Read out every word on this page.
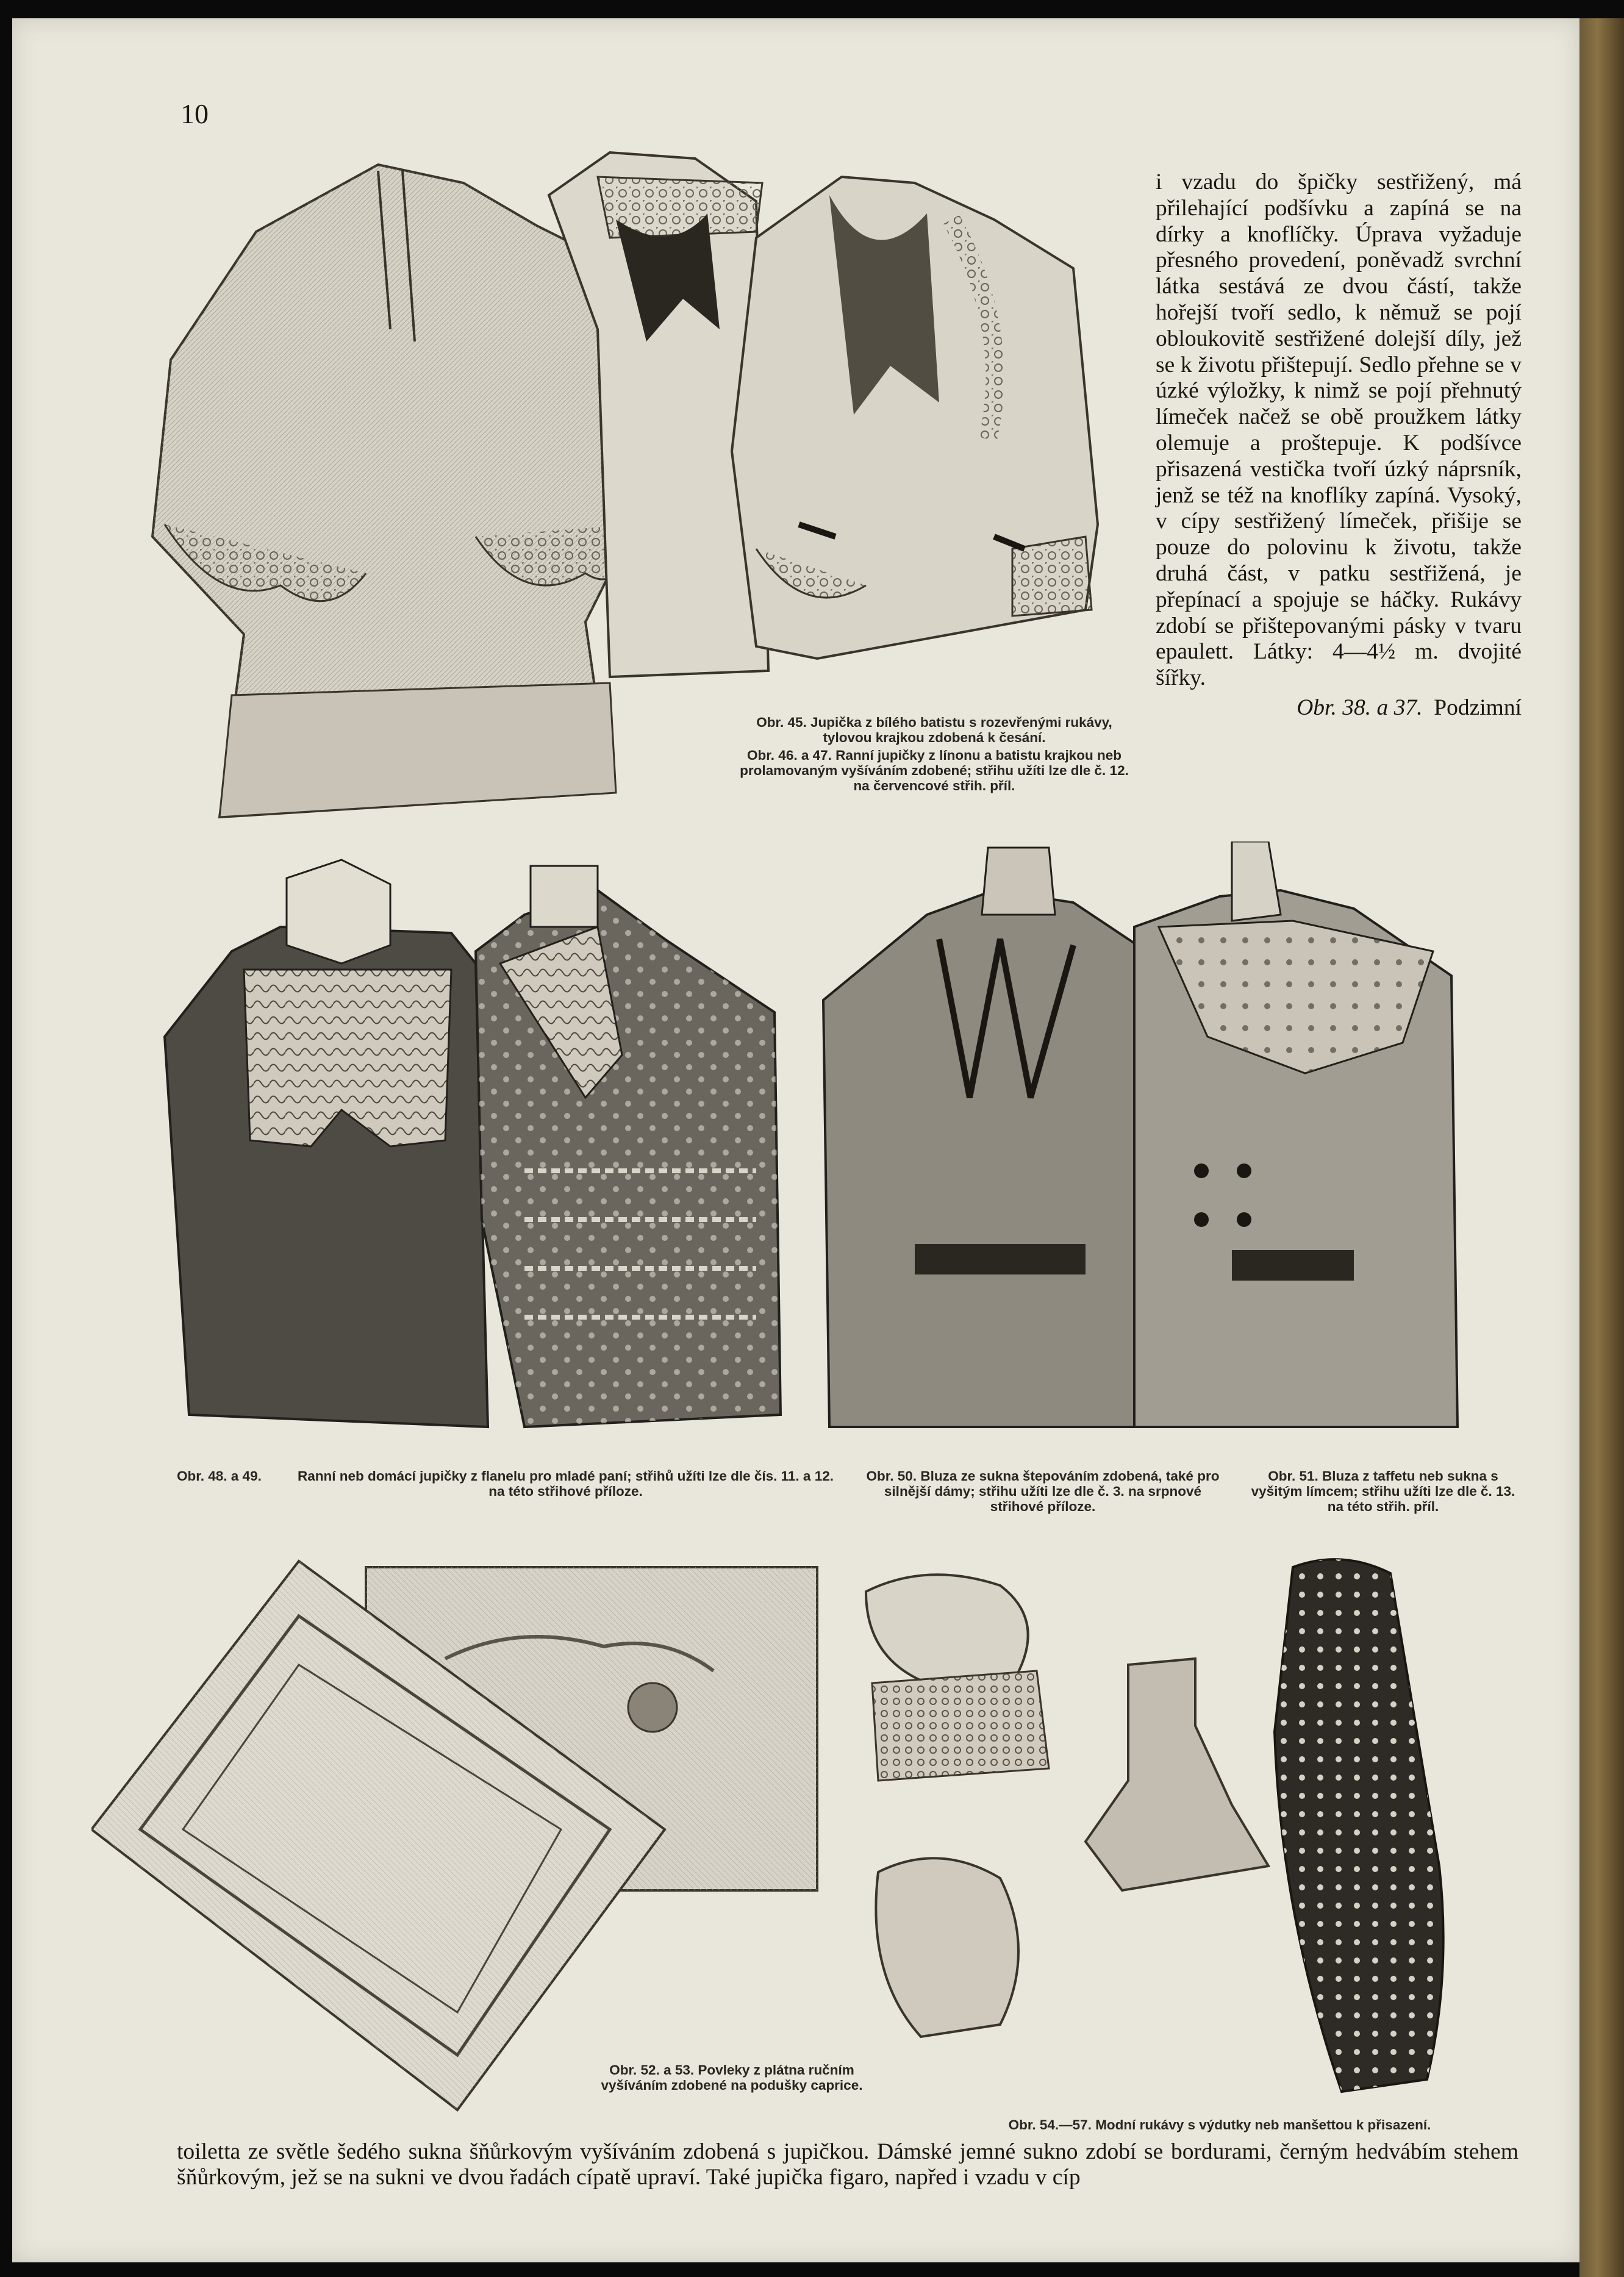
10

Obr. 45. Jupička z bílého batistu s rozevřenými rukávy, tylovou krajkou zdobená k česání.

Obr. 46. a 47. Ranní jupičky z línonu a batistu krajkou neb prolamovaným vyšíváním zdobené; střihu užíti lze dle č. 12. na červencové střih. příl.

i vzadu do špičky sestřižený, má přilehající podšívku a zapíná se na dírky a knoflíčky. Úprava vyžaduje přesného provedení, poněvadž svrchní látka sestává ze dvou částí, takže hořejší tvoří sedlo, k němuž se pojí obloukovitě sestřižené dolejší díly, jež se k životu přištepují. Sedlo přehne se v úzké výložky, k nimž se pojí přehnutý límeček načež se obě proužkem látky olemuje a proštepuje. K podšívce přisazená vestička tvoří úzký náprsník, jenž se též na knoflíky zapíná. Vysoký, v cípy sestřižený límeček, přišije se pouze do polovinu k životu, takže druhá část, v patku sestřižená, je přepínací a spojuje se háčky. Rukávy zdobí se přištepovanými pásky v tvaru epaulett. Látky: 4—4½ m. dvojité šířky.

Obr. 38. a 37. Podzimní

Obr. 48. a 49.	Ranní neb domácí jupičky z flanelu pro mladé paní; střihů užíti lze dle čís. 11. a 12. na této střihové příloze.
Obr. 50. Bluza ze sukna štepováním zdobená, také pro silnější dámy; střihu užíti lze dle č. 3. na srpnové střihové příloze.
Obr. 51. Bluza z taffetu neb sukna s vyšitým límcem; střihu užíti lze dle č. 13. na této střih. příl.
Obr. 52. a 53. Povleky z plátna ručním vyšíváním zdobené na podušky caprice.
Obr. 54.—57. Modní rukávy s výdutky neb manšettou k přisazení.

toiletta ze světle šedého sukna šňůrkovým vyšíváním zdobená s jupičkou. Dámské jemné sukno zdobí se bordurami, černým hedvábím stehem šňůrkovým, jež se na sukni ve dvou řadách cípatě upraví. Také jupička figaro, napřed i vzadu v cíp
